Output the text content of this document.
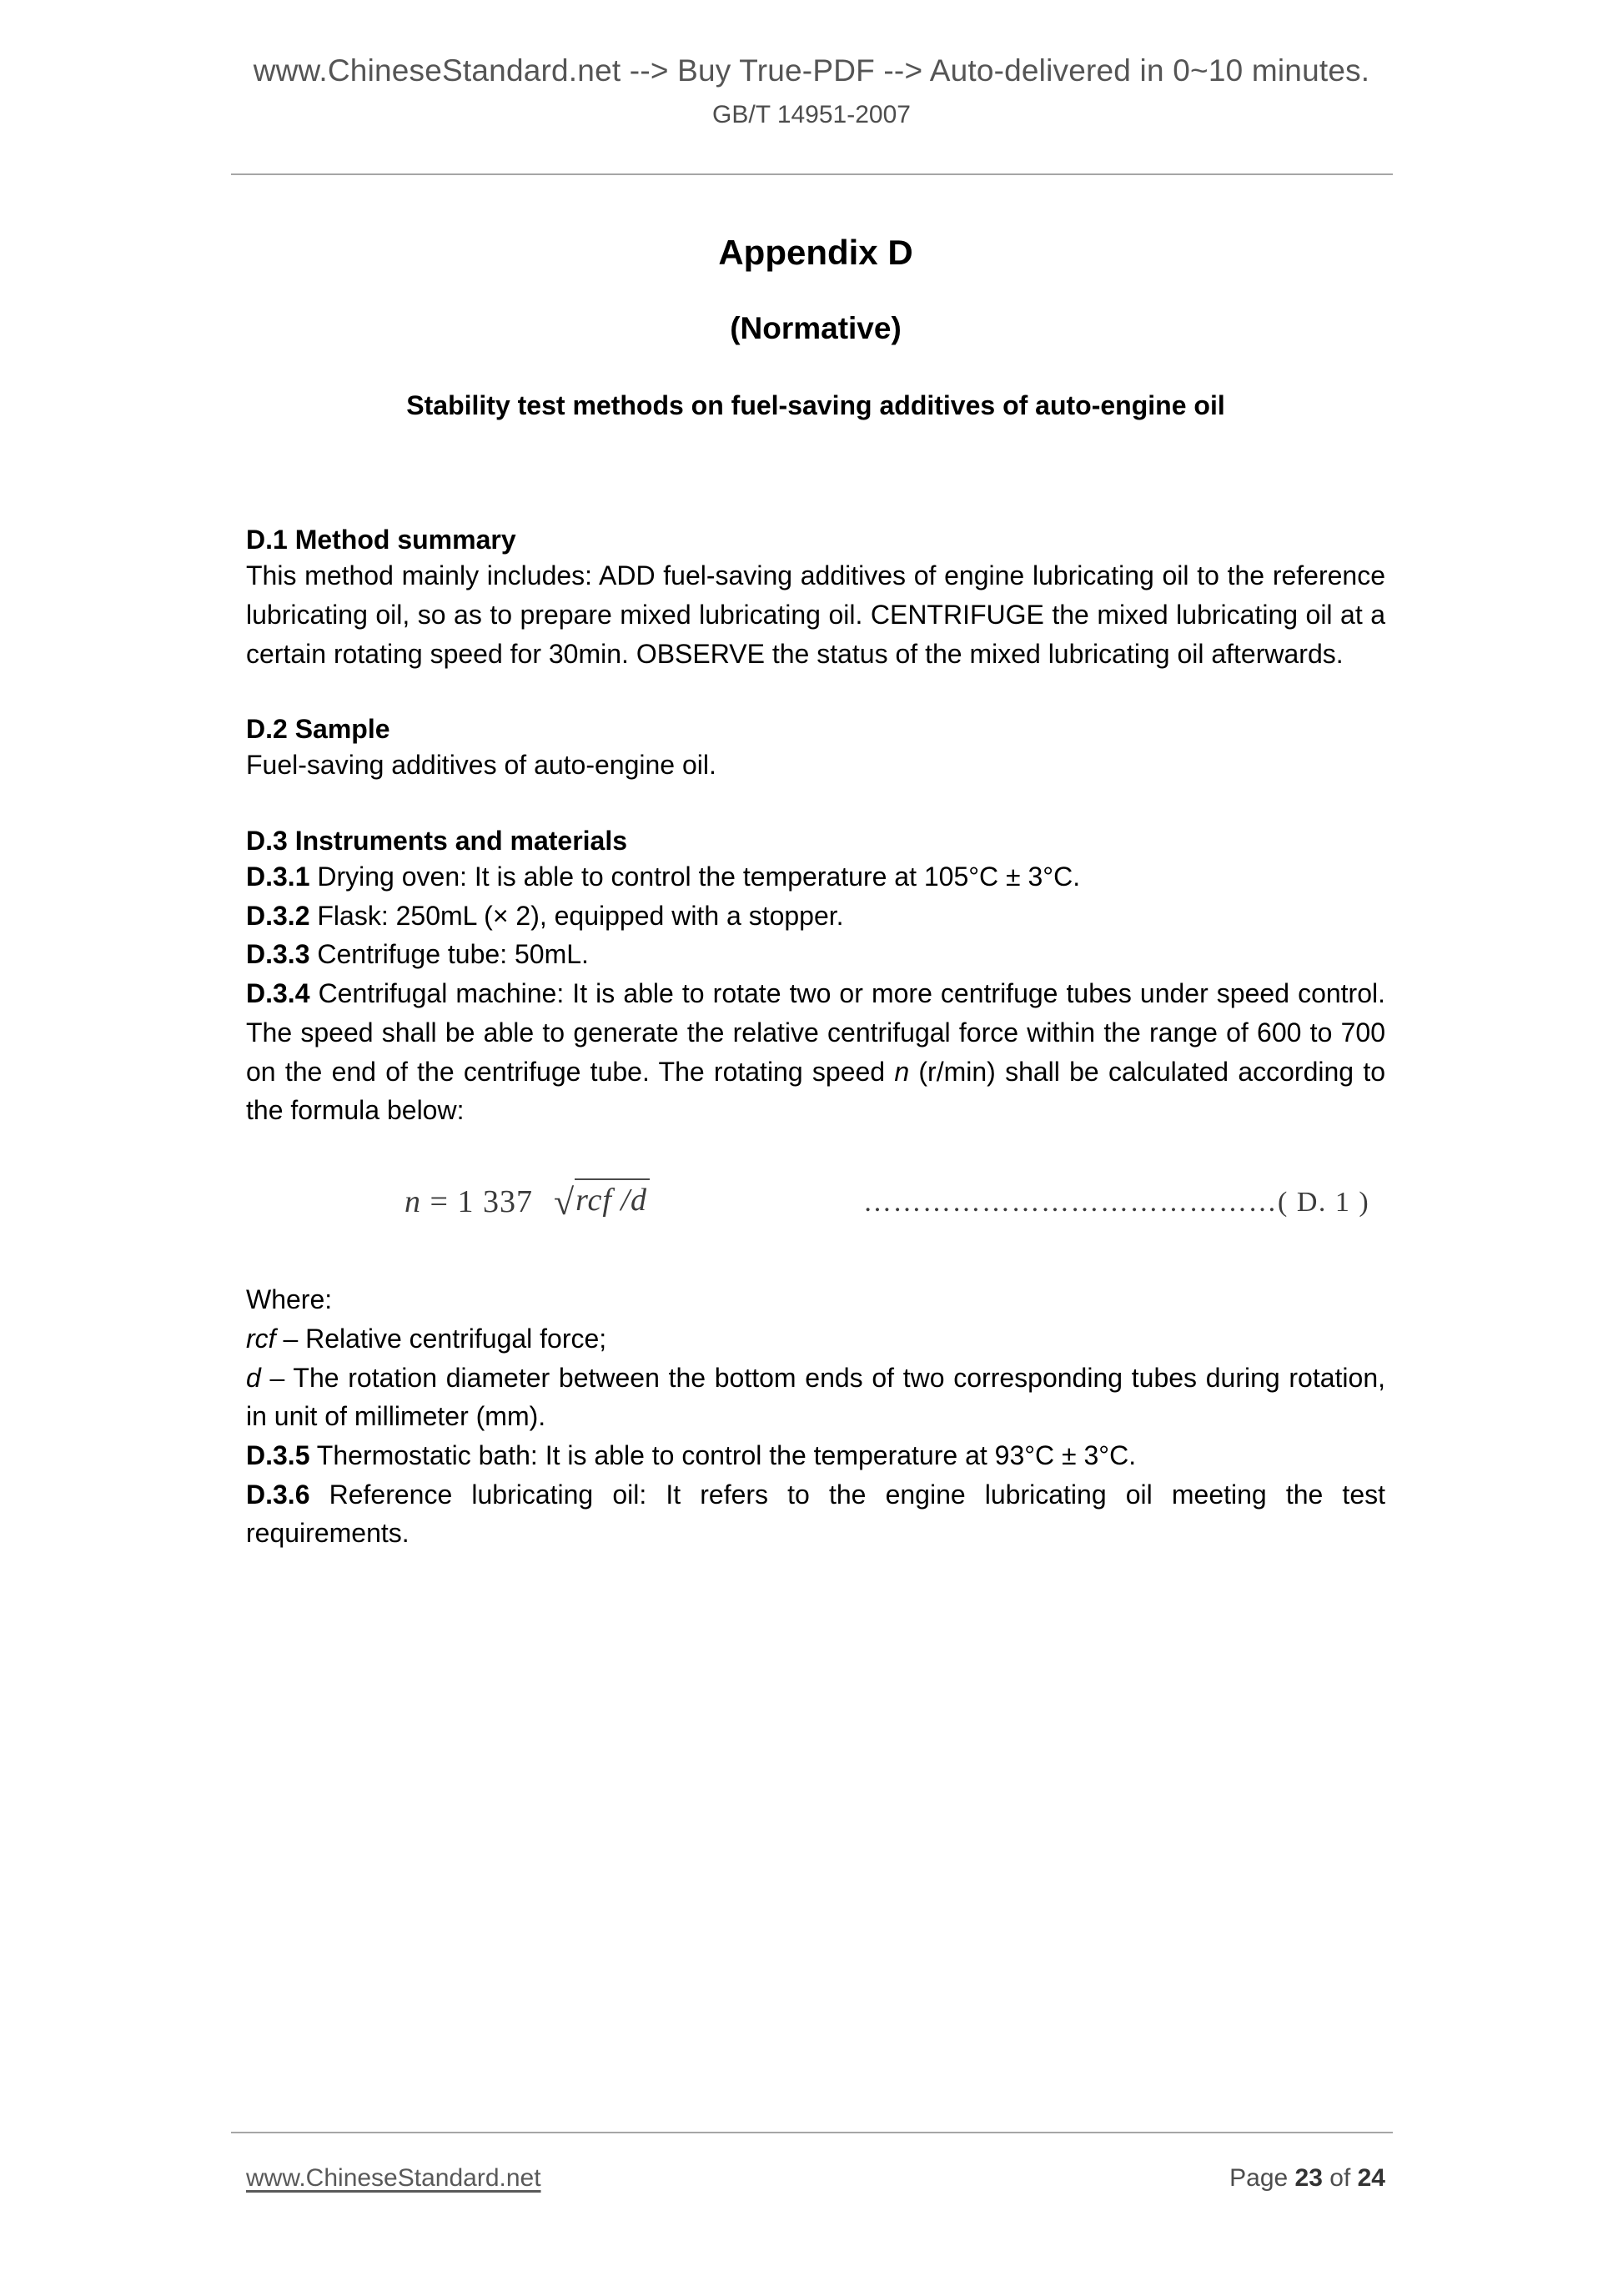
www.ChineseStandard.net --> Buy True-PDF --> Auto-delivered in 0~10 minutes.
GB/T 14951-2007
Appendix D
(Normative)
Stability test methods on fuel-saving additives of auto-engine oil
D.1 Method summary

This method mainly includes: ADD fuel-saving additives of engine lubricating oil to the reference lubricating oil, so as to prepare mixed lubricating oil. CENTRIFUGE the mixed lubricating oil at a certain rotating speed for 30min. OBSERVE the status of the mixed lubricating oil afterwards.

D.2 Sample

Fuel-saving additives of auto-engine oil.

D.3 Instruments and materials

D.3.1 Drying oven: It is able to control the temperature at 105°C ± 3°C.

D.3.2 Flask: 250mL (× 2), equipped with a stopper.

D.3.3 Centrifuge tube: 50mL.

D.3.4 Centrifugal machine: It is able to rotate two or more centrifuge tubes under speed control. The speed shall be able to generate the relative centrifugal force within the range of 600 to 700 on the end of the centrifuge tube. The rotating speed n (r/min) shall be calculated according to the formula below:

n = 1 337 √rcf /d	……………………………………( D. 1 )

Where:

rcf – Relative centrifugal force;

d – The rotation diameter between the bottom ends of two corresponding tubes during rotation, in unit of millimeter (mm).

D.3.5 Thermostatic bath: It is able to control the temperature at 93°C ± 3°C.

D.3.6 Reference lubricating oil: It refers to the engine lubricating oil meeting the test requirements.

www.ChineseStandard.net	Page 23 of 24
